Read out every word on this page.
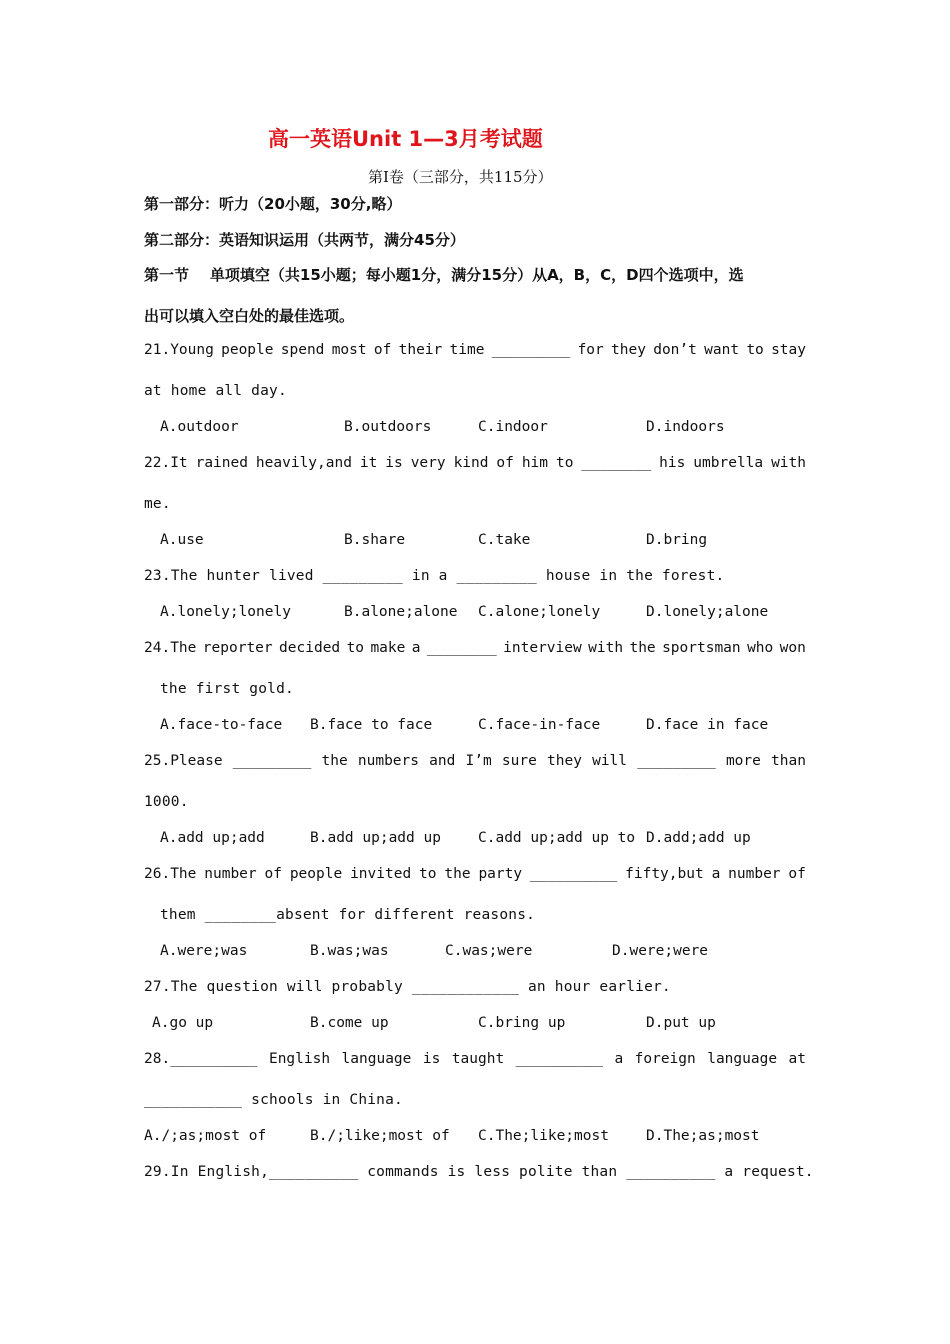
高一英语Unit 1—3月考试题
第Ⅰ卷（三部分，共115分）
第一部分：听力（20小题，30分,略）
第二部分：英语知识运用（共两节，满分45分）
第一节    单项填空（共15小题；每小题1分，满分15分）从A，B，C，D四个选项中，选
出可以填入空白处的最佳选项。
21.Young people spend most of their time _________ for they don’t want to stay
at home all day.
A.outdoor	B.outdoors	C.indoor	D.indoors
22.It rained heavily,and it is very kind of him to ________ his umbrella with
me.
A.use	B.share	C.take	D.bring
23.The hunter lived _________ in a _________ house in the forest.
A.lonely;lonely	B.alone;alone C.alone;lonely	D.lonely;alone
24.The reporter decided to make a ________ interview with the sportsman who won
the first gold.
A.face-to-face B.face to face	C.face-in-face	D.face in face
25.Please _________ the numbers and I’m sure they will _________ more than
1000.
A.add up;add	B.add up;add up	C.add up;add up to D.add;add up
26.The number of people invited to the party __________ fifty,but a number of
them ________absent for different reasons.
A.were;was	B.was;was	C.was;were	D.were;were
27.The question will probably ____________ an hour earlier.
A.go up	B.come up	C.bring up	D.put up
28.__________ English language is taught __________ a foreign language at
___________ schools in China.
A./;as;most of	B./;like;most of C.The;like;most	D.The;as;most
29.In English,__________ commands is less polite than __________ a request.
